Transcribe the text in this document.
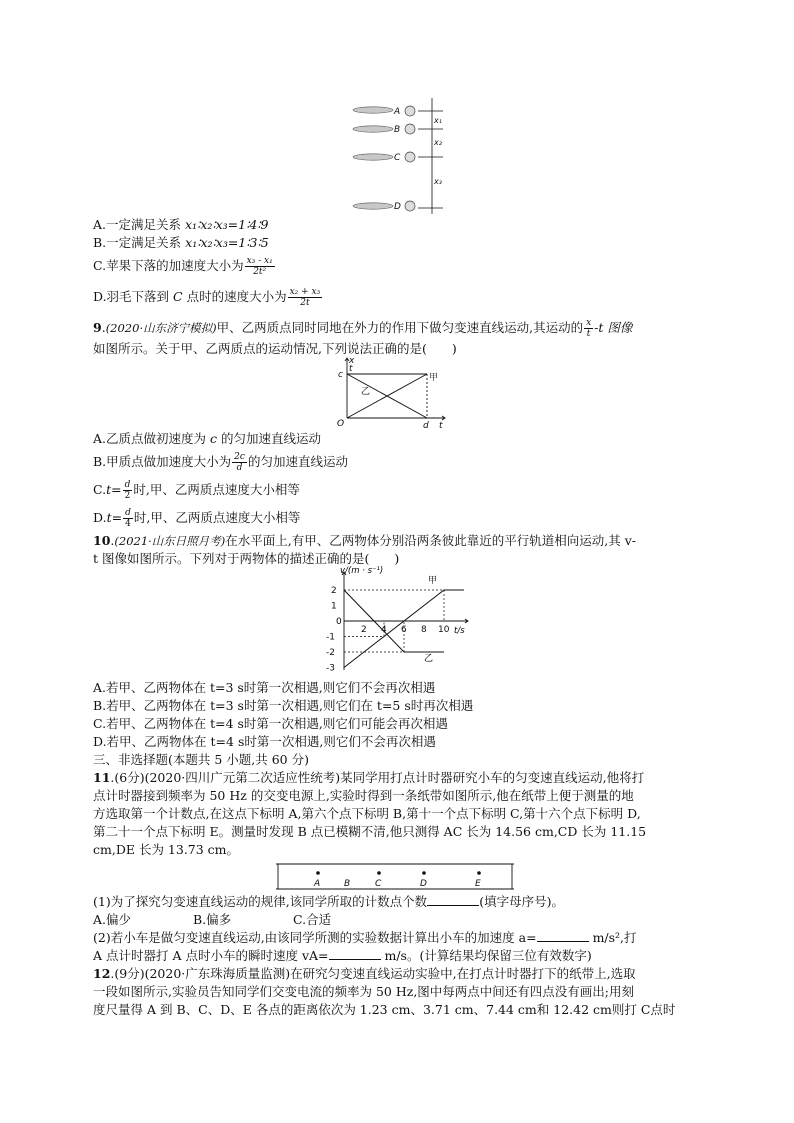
A
B
C
D
x₁
x₂
x₃
A.一定满足关系 x₁∶x₂∶x₃=1∶4∶9
B.一定满足关系 x₁∶x₂∶x₃=1∶3∶5
C.苹果下落的加速度大小为 $\frac{\text{x₃ - x₁}}{\text{2t²}}$
D.羽毛下落到 C 点时的速度大小为 $\frac{\text{x₂ + x₃}}{2t}$
9.(2020·山东济宁模拟)甲、乙两质点同时同地在外力的作用下做匀变速直线运动,其运动的 $\frac{x}{t} -t$ 图像
如图所示。关于甲、乙两质点的运动情况,下列说法正确的是(　　)
x
t
c
O	d t
甲
乙
A.乙质点做初速度为 c 的匀加速直线运动
B.甲质点做加速度大小为 $\frac{2c}{d}$ 的匀加速直线运动
$C.t= \frac{d}{2}$ 时,甲、乙两质点速度大小相等
$D.t= \frac{d}{4}$ 时,甲、乙两质点速度大小相等
10.(2021·山东日照月考)在水平面上,有甲、乙两物体分别沿两条彼此靠近的平行轨道相向运动,其 v-
t 图像如图所示。下列对于两物体的描述正确的是(　　)
2
1
-1
-2
-3
2 4 6 8 10
v/(m · s⁻¹)
t/s
0
甲
乙
A.若甲、乙两物体在 t=3 s时第一次相遇,则它们不会再次相遇
B.若甲、乙两物体在 t=3 s时第一次相遇,则它们在 t=5 s时再次相遇
C.若甲、乙两物体在 t=4 s时第一次相遇,则它们可能会再次相遇
D.若甲、乙两物体在 t=4 s时第一次相遇,则它们不会再次相遇
三、非选择题(本题共 5 小题,共 60 分)
11.(6分)(2020·四川广元第二次适应性统考)某同学用打点计时器研究小车的匀变速直线运动,他将打
点计时器接到频率为 50 Hz 的交变电源上,实验时得到一条纸带如图所示,他在纸带上便于测量的地
方选取第一个计数点,在这点下标明 A,第六个点下标明 B,第十一个点下标明 C,第十六个点下标明 D,
第二十一个点下标明 E。测量时发现 B 点已模糊不清,他只测得 AC 长为 14.56 cm,CD 长为 11.15
cm,DE 长为 13.73 cm。
A	B	C	D	E
(1)为了探究匀变速直线运动的规律,该同学所取的计数点个数	(填字母序号)。
A.偏少	B.偏多	C.合适
(2)若小车是做匀变速直线运动,由该同学所测的实验数据计算出小车的加速度 a=	m/s²,打
A 点计时器打 A 点时小车的瞬时速度 vA=	m/s。(计算结果均保留三位有效数字)
12.(9分)(2020·广东珠海质量监测)在研究匀变速直线运动实验中,在打点计时器打下的纸带上,选取
一段如图所示,实验员告知同学们交变电流的频率为 50 Hz,图中每两点中间还有四点没有画出;用刻
度尺量得 A 到 B、C、D、E 各点的距离依次为 1.23 cm、3.71 cm、7.44 cm和 12.42 cm则打 C点时
